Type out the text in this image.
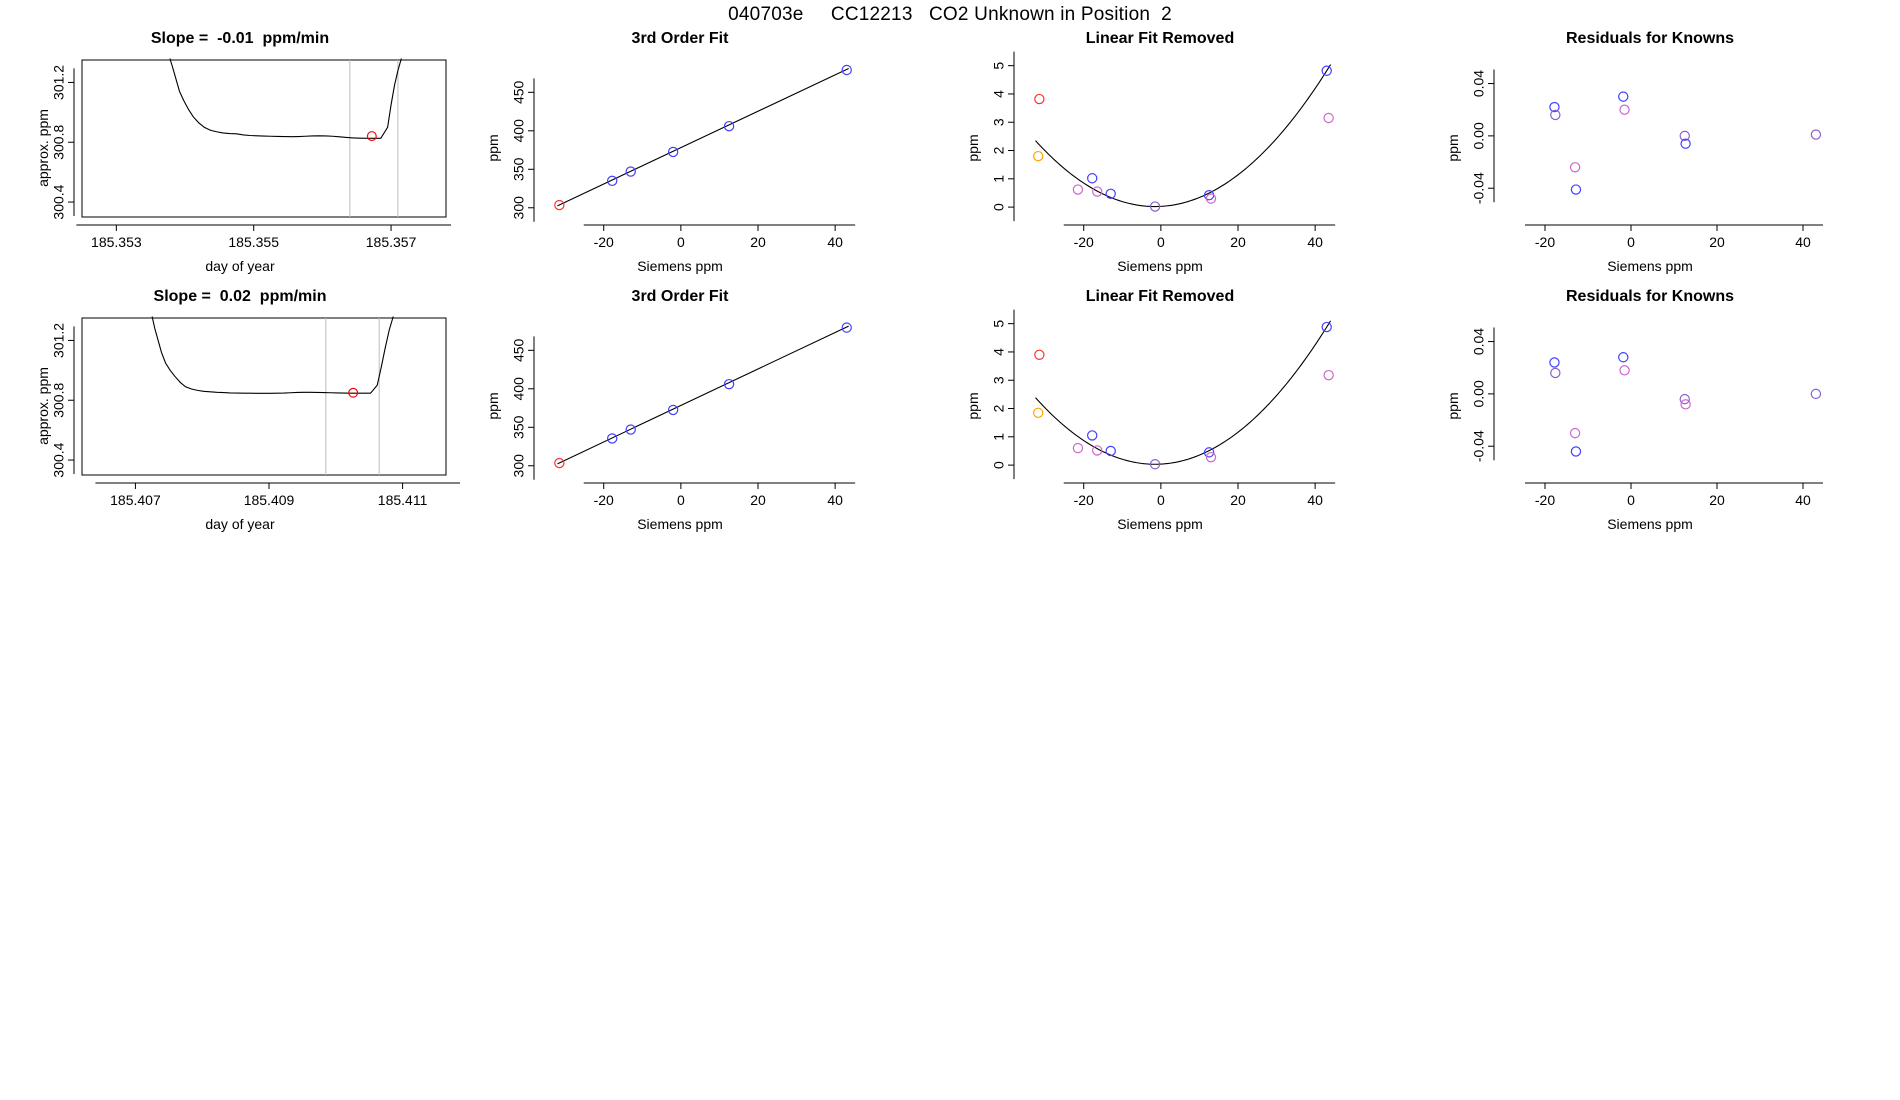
040703e     CC12213   CO2 Unknown in Position  2
Slope =  -0.01  ppm/min
185.353	185.355	185.357
300.4
300.8
301.2
day of year
approx. ppm
3rd Order Fit
-20	0	20	40
300
350
400
450
Siemens ppm
ppm
Linear Fit Removed
-20	0	20	40
0
1
2
3
4
5
Siemens ppm
ppm
Residuals for Knowns
-20	0	20	40
-0.04
0.00
0.04
Siemens ppm
ppm
Slope =  0.02  ppm/min
185.407	185.409	185.411
300.4
300.8
301.2
day of year
approx. ppm
3rd Order Fit
-20	0	20	40
300
350
400
450
Siemens ppm
ppm
Linear Fit Removed
-20	0	20	40
0
1
2
3
4
5
Siemens ppm
ppm
Residuals for Knowns
-20	0	20	40
-0.04
0.00
0.04
Siemens ppm
ppm
